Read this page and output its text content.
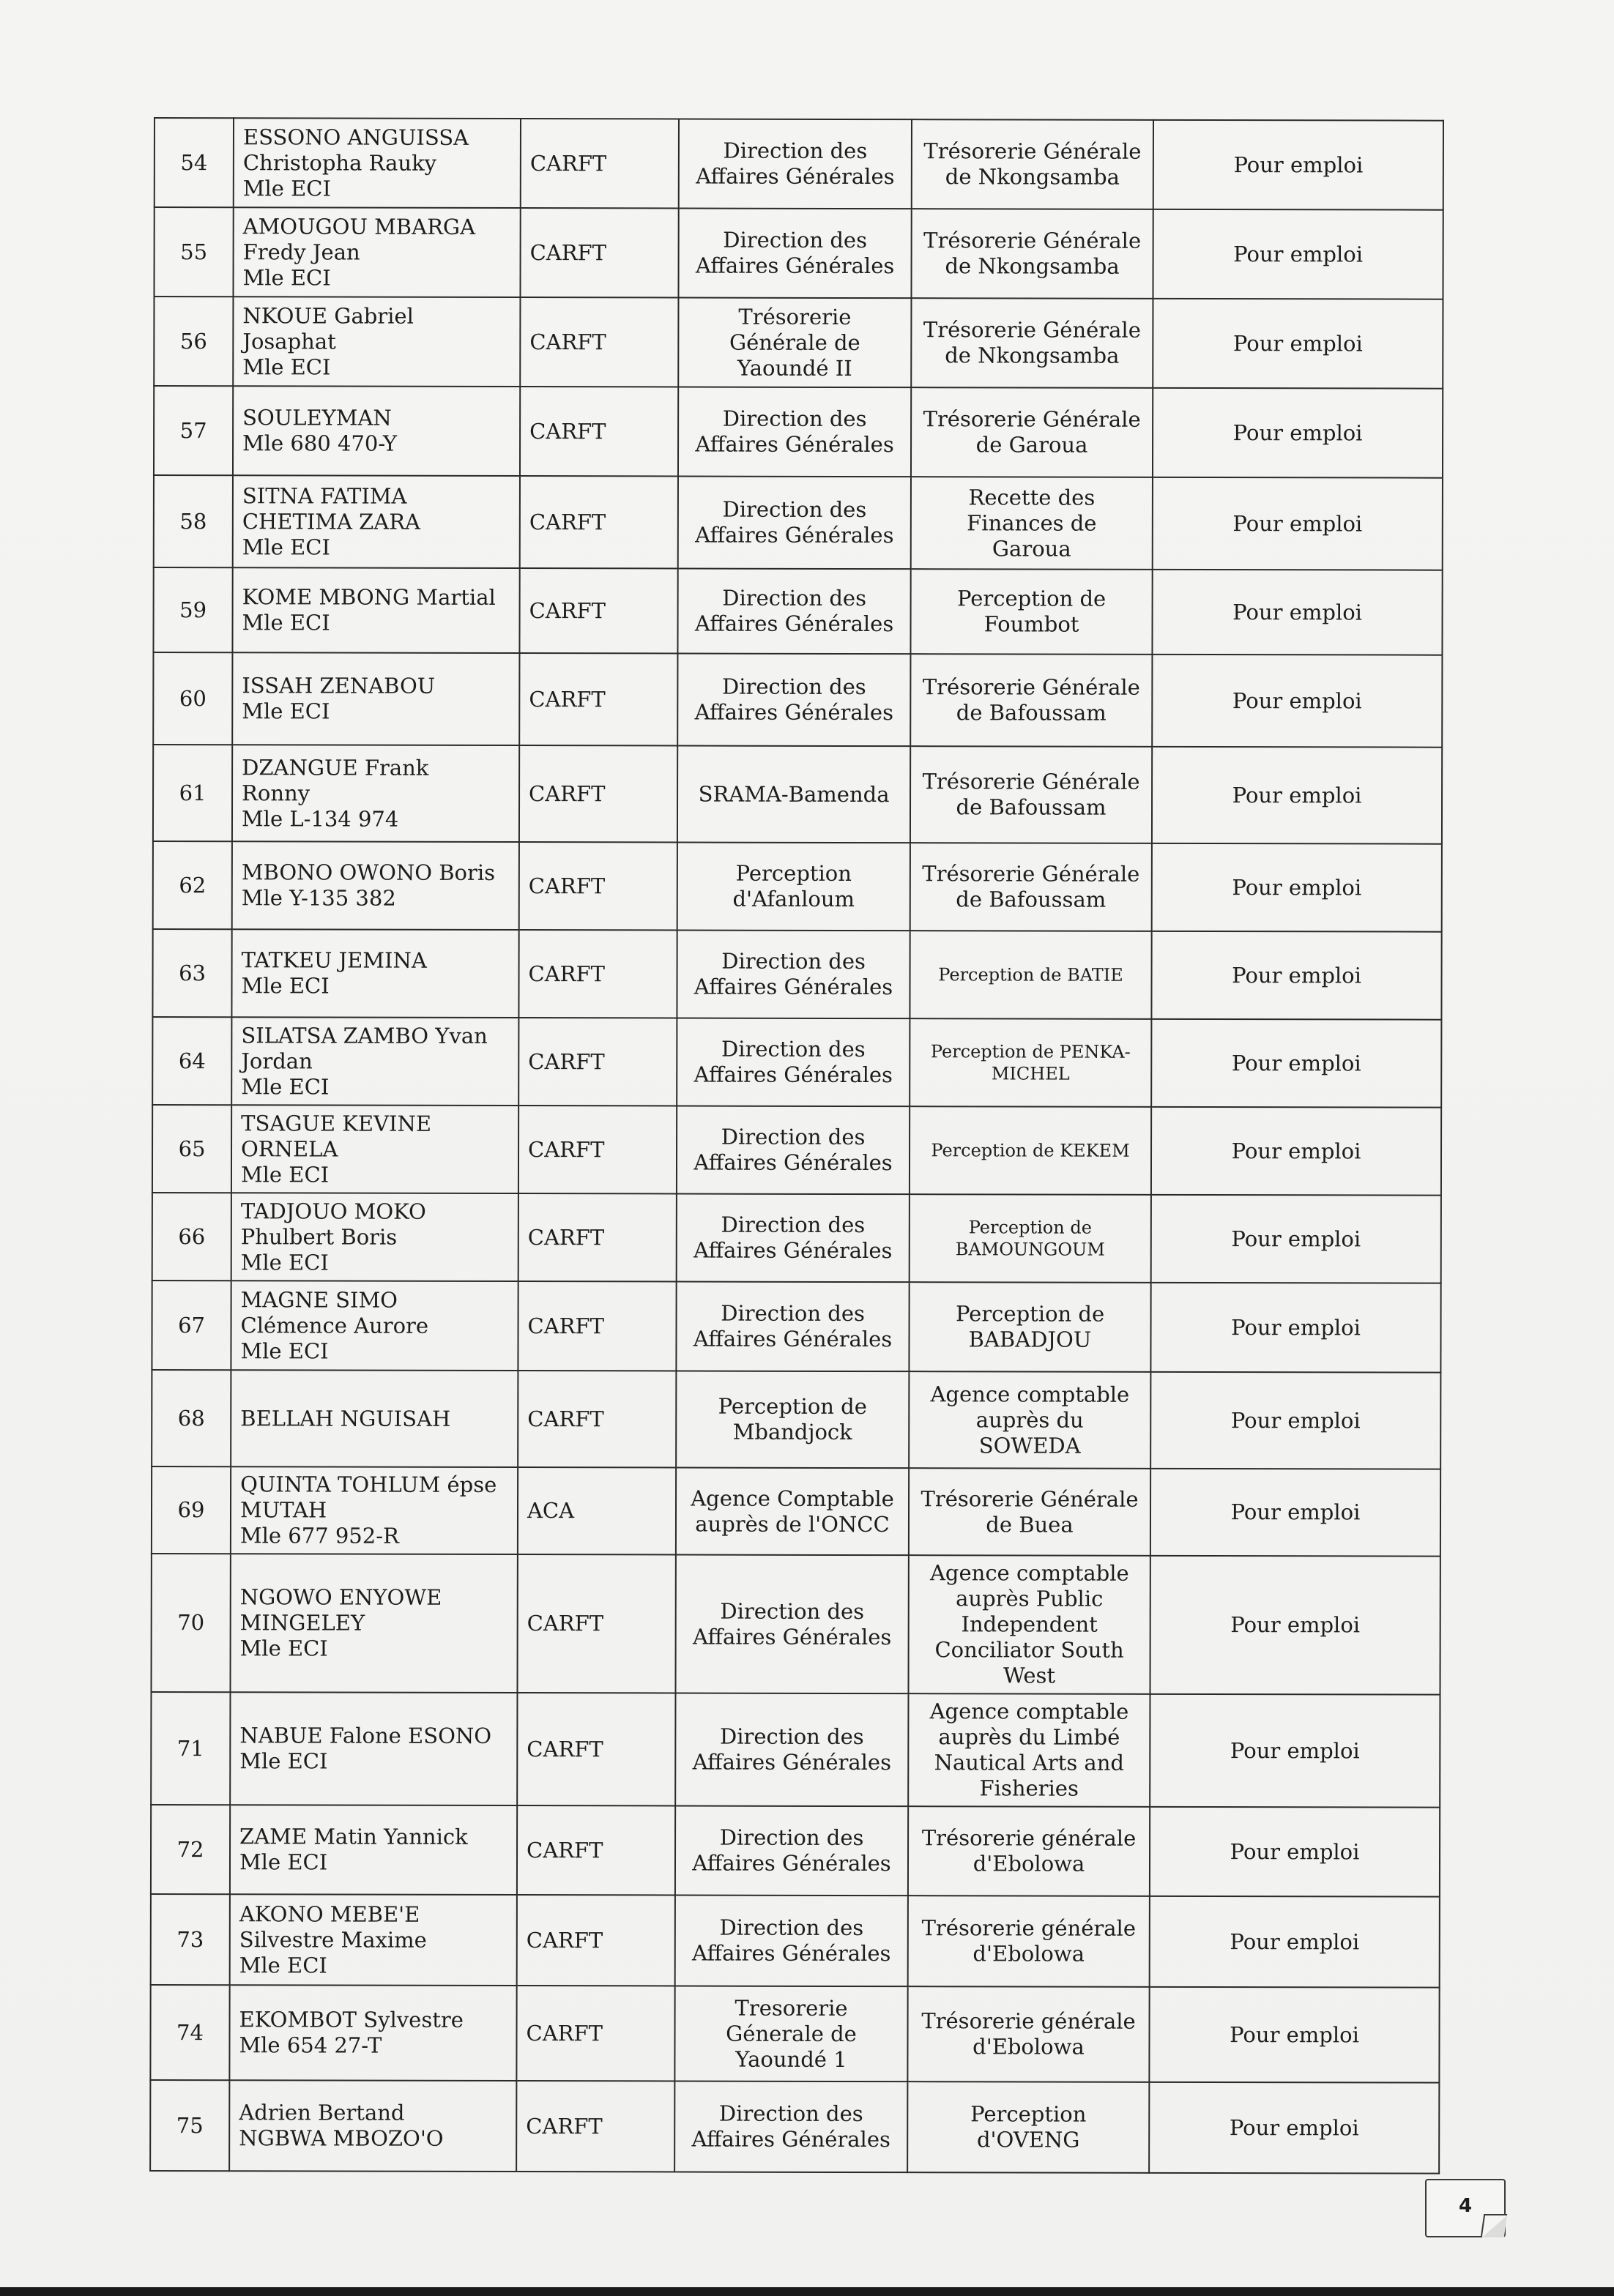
54	ESSONO ANGUISSA
Christopha Rauky
Mle ECI	CARFT	Direction des
Affaires Générales	Trésorerie Générale
de Nkongsamba	Pour emploi
55	AMOUGOU MBARGA
Fredy Jean
Mle ECI	CARFT	Direction des
Affaires Générales	Trésorerie Générale
de Nkongsamba	Pour emploi
56	NKOUE Gabriel
Josaphat
Mle ECI	CARFT	Trésorerie
Générale de
Yaoundé II	Trésorerie Générale
de Nkongsamba	Pour emploi
57	SOULEYMAN
Mle 680 470-Y	CARFT	Direction des
Affaires Générales	Trésorerie Générale
de Garoua	Pour emploi
58	SITNA FATIMA
CHETIMA ZARA
Mle ECI	CARFT	Direction des
Affaires Générales	Recette des
Finances de
Garoua	Pour emploi
59	KOME MBONG Martial
Mle ECI	CARFT	Direction des
Affaires Générales	Perception de
Foumbot	Pour emploi
60	ISSAH ZENABOU
Mle ECI	CARFT	Direction des
Affaires Générales	Trésorerie Générale
de Bafoussam	Pour emploi
61	DZANGUE Frank
Ronny
Mle L-134 974	CARFT	SRAMA-Bamenda	Trésorerie Générale
de Bafoussam	Pour emploi
62	MBONO OWONO Boris
Mle Y-135 382	CARFT	Perception
d'Afanloum	Trésorerie Générale
de Bafoussam	Pour emploi
63	TATKEU JEMINA
Mle ECI	CARFT	Direction des
Affaires Générales	Perception de BATIE	Pour emploi
64	SILATSA ZAMBO Yvan
Jordan
Mle ECI	CARFT	Direction des
Affaires Générales	Perception de PENKA-
MICHEL	Pour emploi
65	TSAGUE KEVINE
ORNELA
Mle ECI	CARFT	Direction des
Affaires Générales	Perception de KEKEM	Pour emploi
66	TADJOUO MOKO
Phulbert Boris
Mle ECI	CARFT	Direction des
Affaires Générales	Perception de
BAMOUNGOUM	Pour emploi
67	MAGNE SIMO
Clémence Aurore
Mle ECI	CARFT	Direction des
Affaires Générales	Perception de
BABADJOU	Pour emploi
68	BELLAH NGUISAH	CARFT	Perception de
Mbandjock	Agence comptable
auprès du
SOWEDA	Pour emploi
69	QUINTA TOHLUM épse
MUTAH
Mle 677 952-R	ACA	Agence Comptable
auprès de l'ONCC	Trésorerie Générale
de Buea	Pour emploi
70	NGOWO ENYOWE
MINGELEY
Mle ECI	CARFT	Direction des
Affaires Générales	Agence comptable
auprès Public
Independent
Conciliator South
West	Pour emploi
71	NABUE Falone ESONO
Mle ECI	CARFT	Direction des
Affaires Générales	Agence comptable
auprès du Limbé
Nautical Arts and
Fisheries	Pour emploi
72	ZAME Matin Yannick
Mle ECI	CARFT	Direction des
Affaires Générales	Trésorerie générale
d'Ebolowa	Pour emploi
73	AKONO MEBE'E
Silvestre Maxime
Mle ECI	CARFT	Direction des
Affaires Générales	Trésorerie générale
d'Ebolowa	Pour emploi
74	EKOMBOT Sylvestre
Mle 654 27-T	CARFT	Tresorerie
Génerale de
Yaoundé 1	Trésorerie générale
d'Ebolowa	Pour emploi
75	Adrien Bertand
NGBWA MBOZO'O	CARFT	Direction des
Affaires Générales	Perception
d'OVENG	Pour emploi
4
